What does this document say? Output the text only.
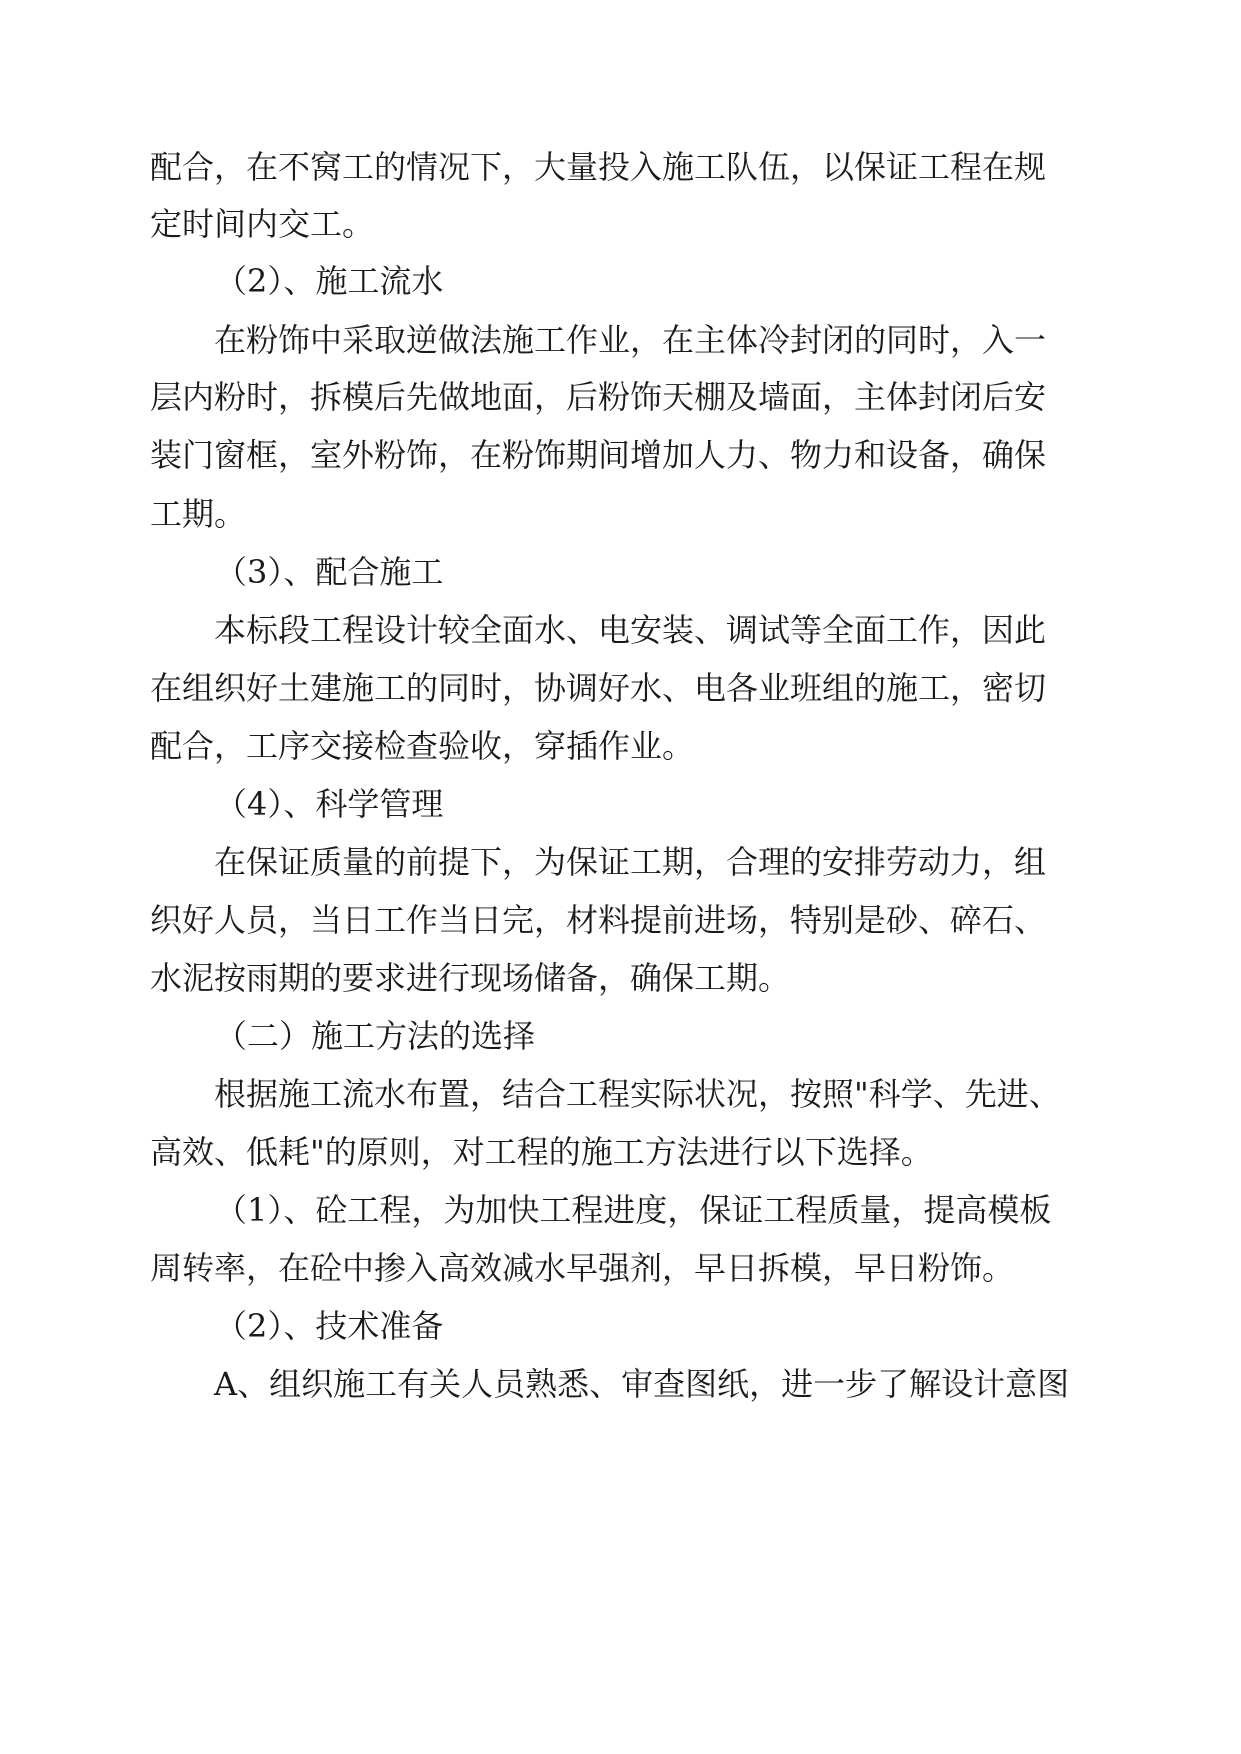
配合，在不窝工的情况下，大量投入施工队伍，以保证工程在规

定时间内交工。

（2）、施工流水

在粉饰中采取逆做法施工作业，在主体冷封闭的同时，入一

层内粉时，拆模后先做地面，后粉饰天棚及墙面，主体封闭后安

装门窗框，室外粉饰，在粉饰期间增加人力、物力和设备，确保

工期。

（3）、配合施工

本标段工程设计较全面水、电安装、调试等全面工作，因此

在组织好土建施工的同时，协调好水、电各业班组的施工，密切

配合，工序交接检查验收，穿插作业。

（4）、科学管理

在保证质量的前提下，为保证工期，合理的安排劳动力，组

织好人员，当日工作当日完，材料提前进场，特别是砂、碎石、

水泥按雨期的要求进行现场储备，确保工期。

（二）施工方法的选择

根据施工流水布置，结合工程实际状况，按照"科学、先进、

高效、低耗"的原则，对工程的施工方法进行以下选择。

（1）、砼工程，为加快工程进度，保证工程质量，提高模板

周转率，在砼中掺入高效减水早强剂，早日拆模，早日粉饰。

（2）、技术准备

A、组织施工有关人员熟悉、审查图纸，进一步了解设计意图
